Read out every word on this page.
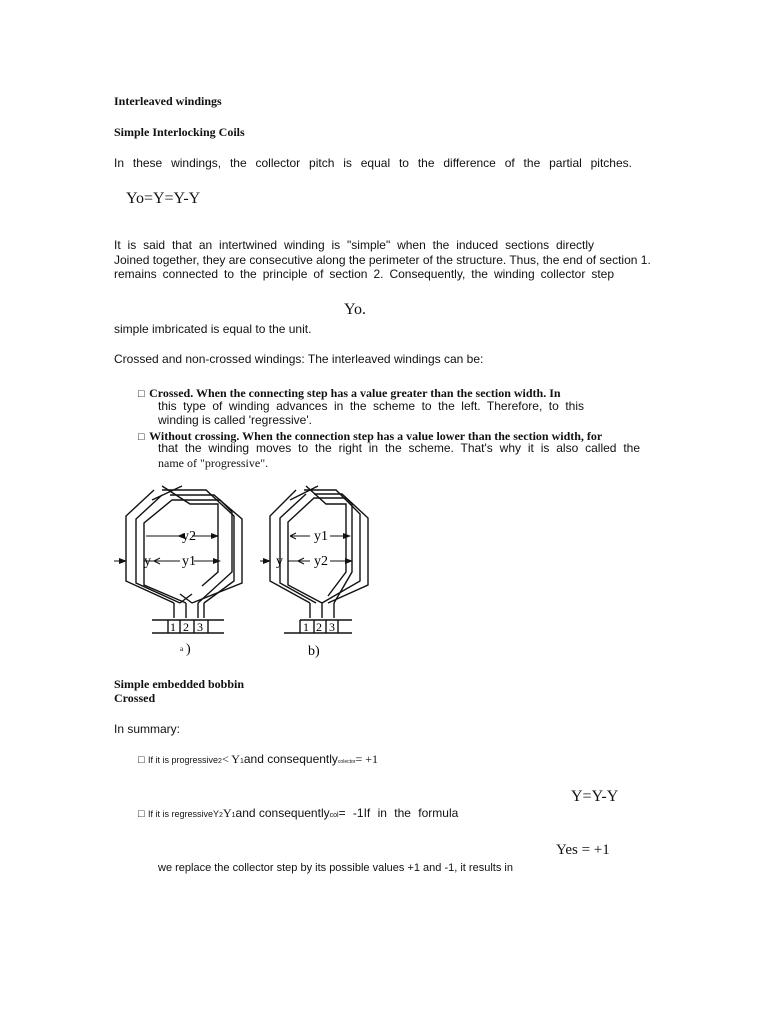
Interleaved windings
Simple Interlocking Coils
In these windings, the collector pitch is equal to the difference of the partial pitches.
Yo=Y=Y-Y
It is said that an intertwined winding is "simple" when the induced sections directly
Joined together, they are consecutive along the perimeter of the structure. Thus, the end of section 1.
remains connected to the principle of section 2. Consequently, the winding collector step
Yo.
simple imbricated is equal to the unit.
Crossed and non-crossed windings: The interleaved windings can be:
□ Crossed. When the connecting step has a value greater than the section width. In
this type of winding advances in the scheme to the left. Therefore, to this
winding is called 'regressive'.
□ Without crossing. When the connection step has a value lower than the section width, for
that the winding moves to the right in the scheme. That's why it is also called the
name of "progressive".
y2
y1
y
1 2 3
a )
y1
y2
y
1 2 3
b)
Simple embedded bobbin
Crossed
In summary:
□ If it is progressive2< Y1and consequentlycolector= +1
Y=Y-Y
□ If it is regressiveY2Y1and consequentlycol= -1If in the formula
Yes = +1
we replace the collector step by its possible values +1 and -1, it results in
